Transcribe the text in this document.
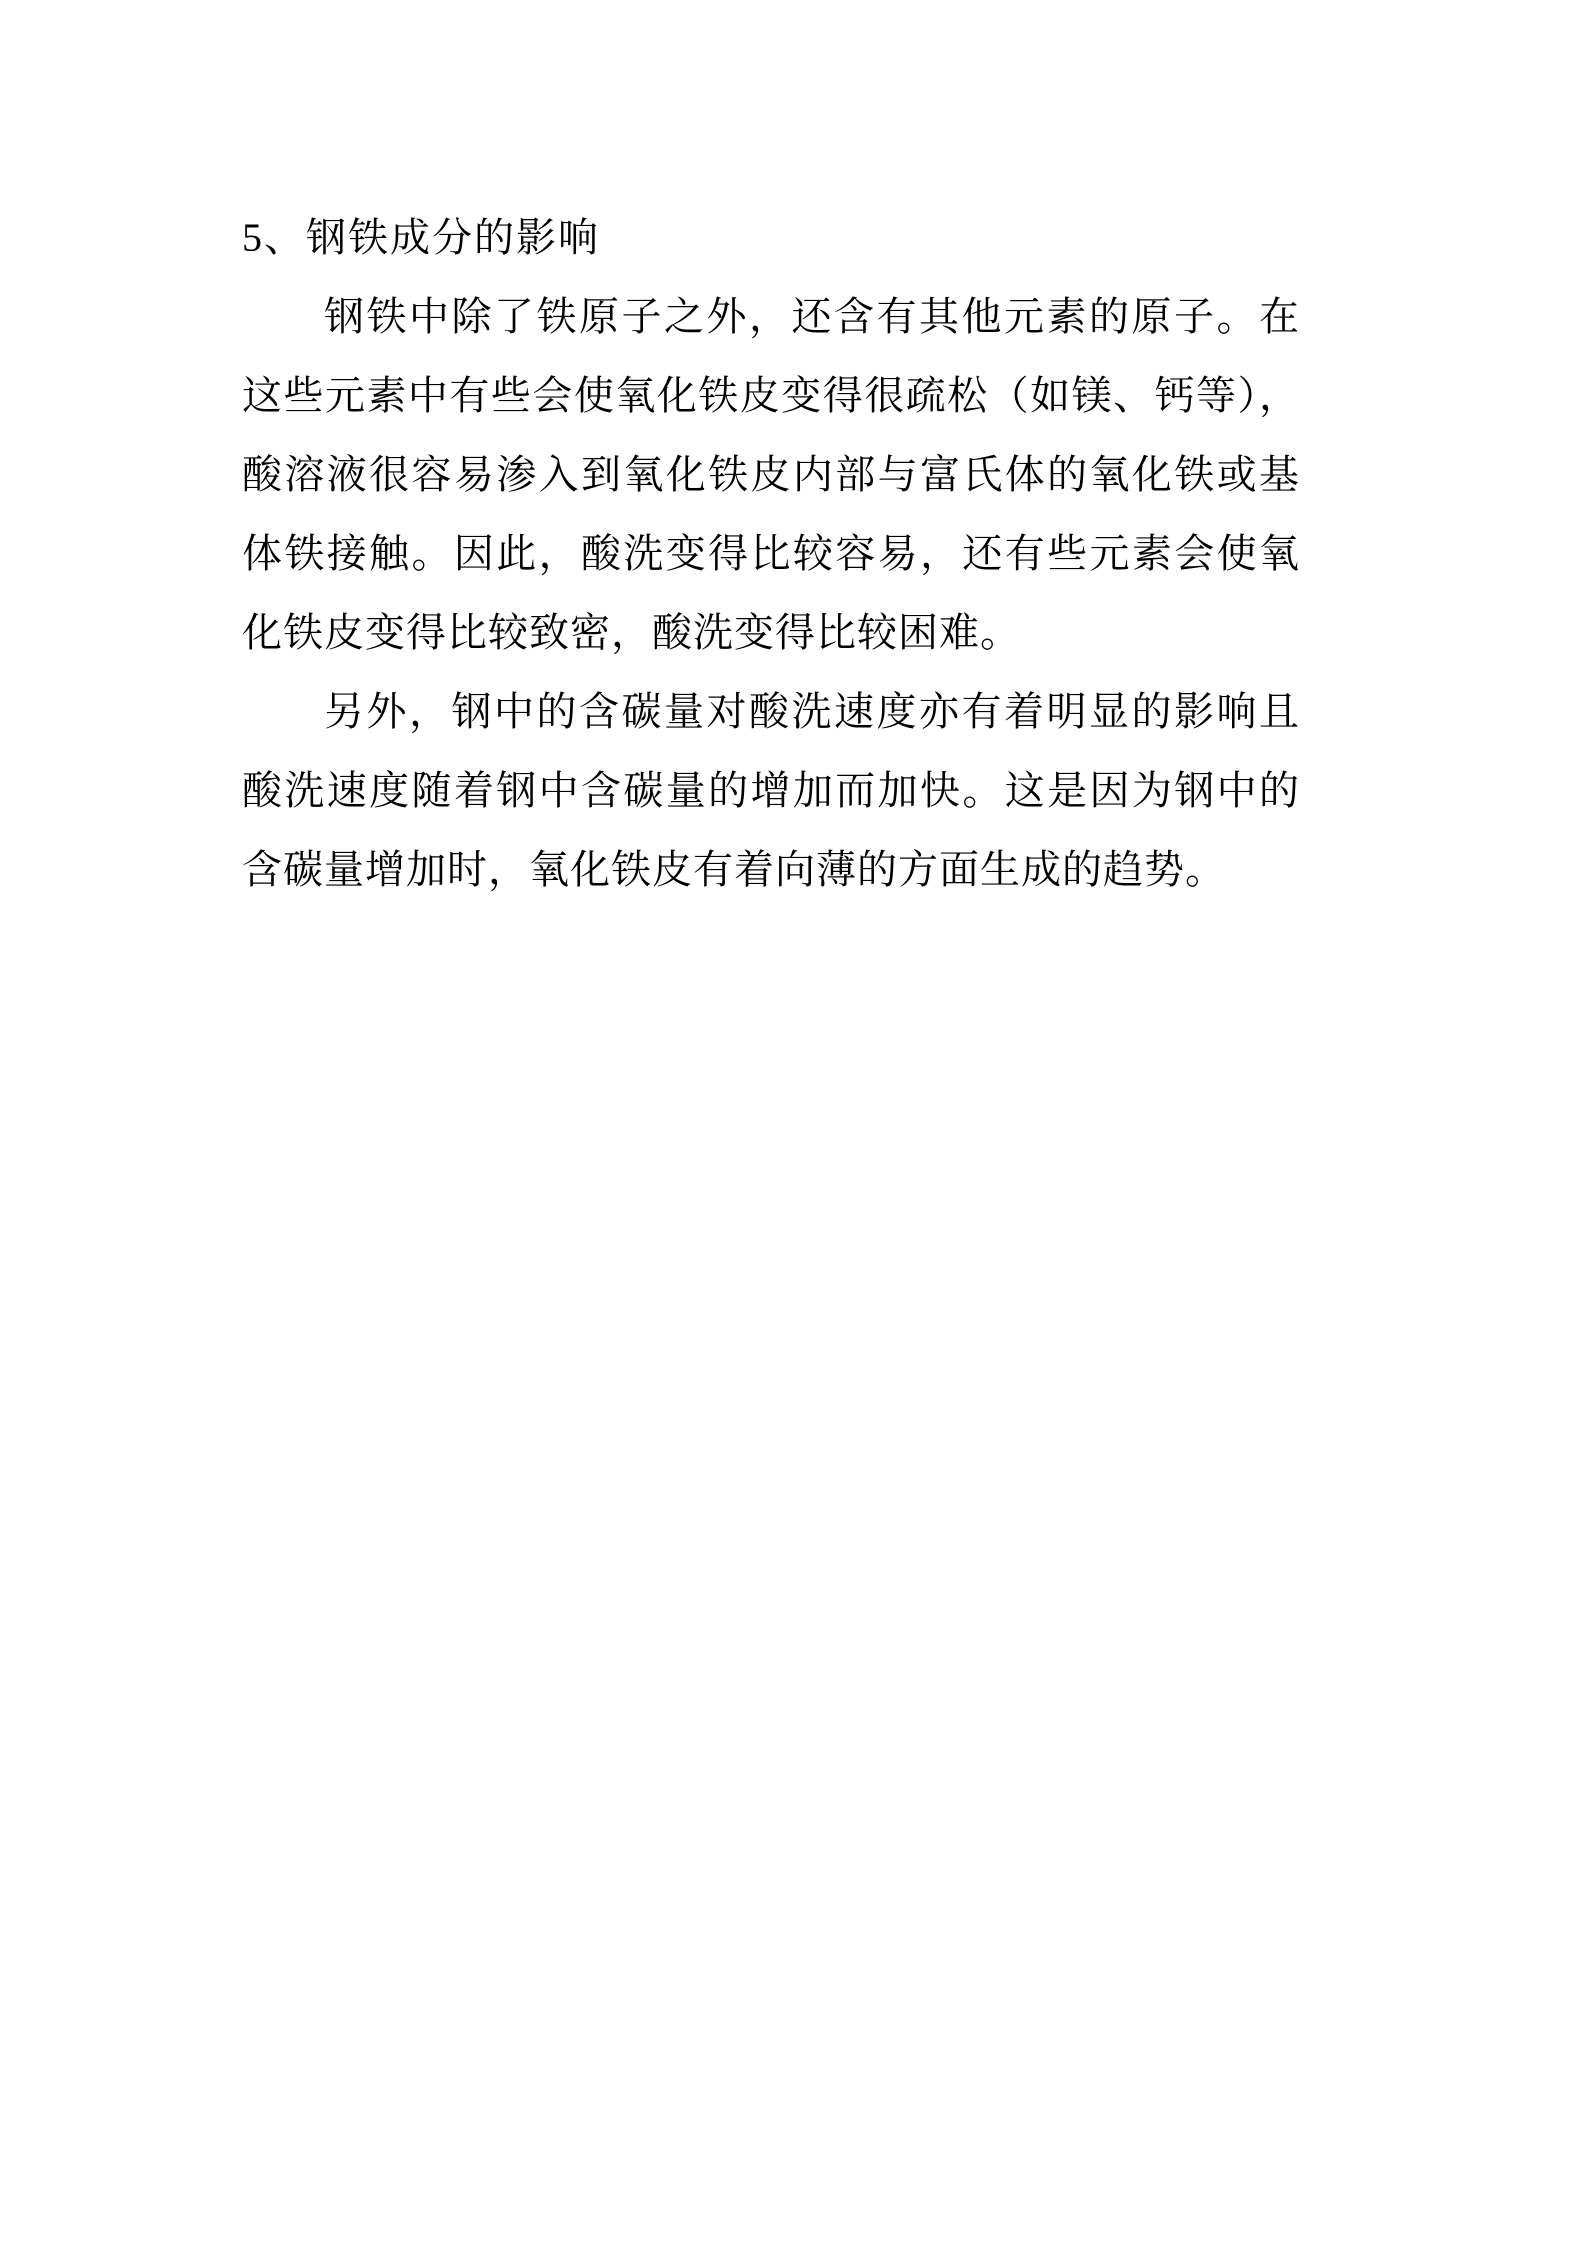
5、钢铁成分的影响
钢铁中除了铁原子之外，还含有其他元素的原子。在
这些元素中有些会使氧化铁皮变得很疏松（如镁、钙等），
酸溶液很容易渗入到氧化铁皮内部与富氏体的氧化铁或基
体铁接触。因此，酸洗变得比较容易，还有些元素会使氧
化铁皮变得比较致密，酸洗变得比较困难。
另外，钢中的含碳量对酸洗速度亦有着明显的影响且
酸洗速度随着钢中含碳量的增加而加快。这是因为钢中的
含碳量增加时，氧化铁皮有着向薄的方面生成的趋势。
